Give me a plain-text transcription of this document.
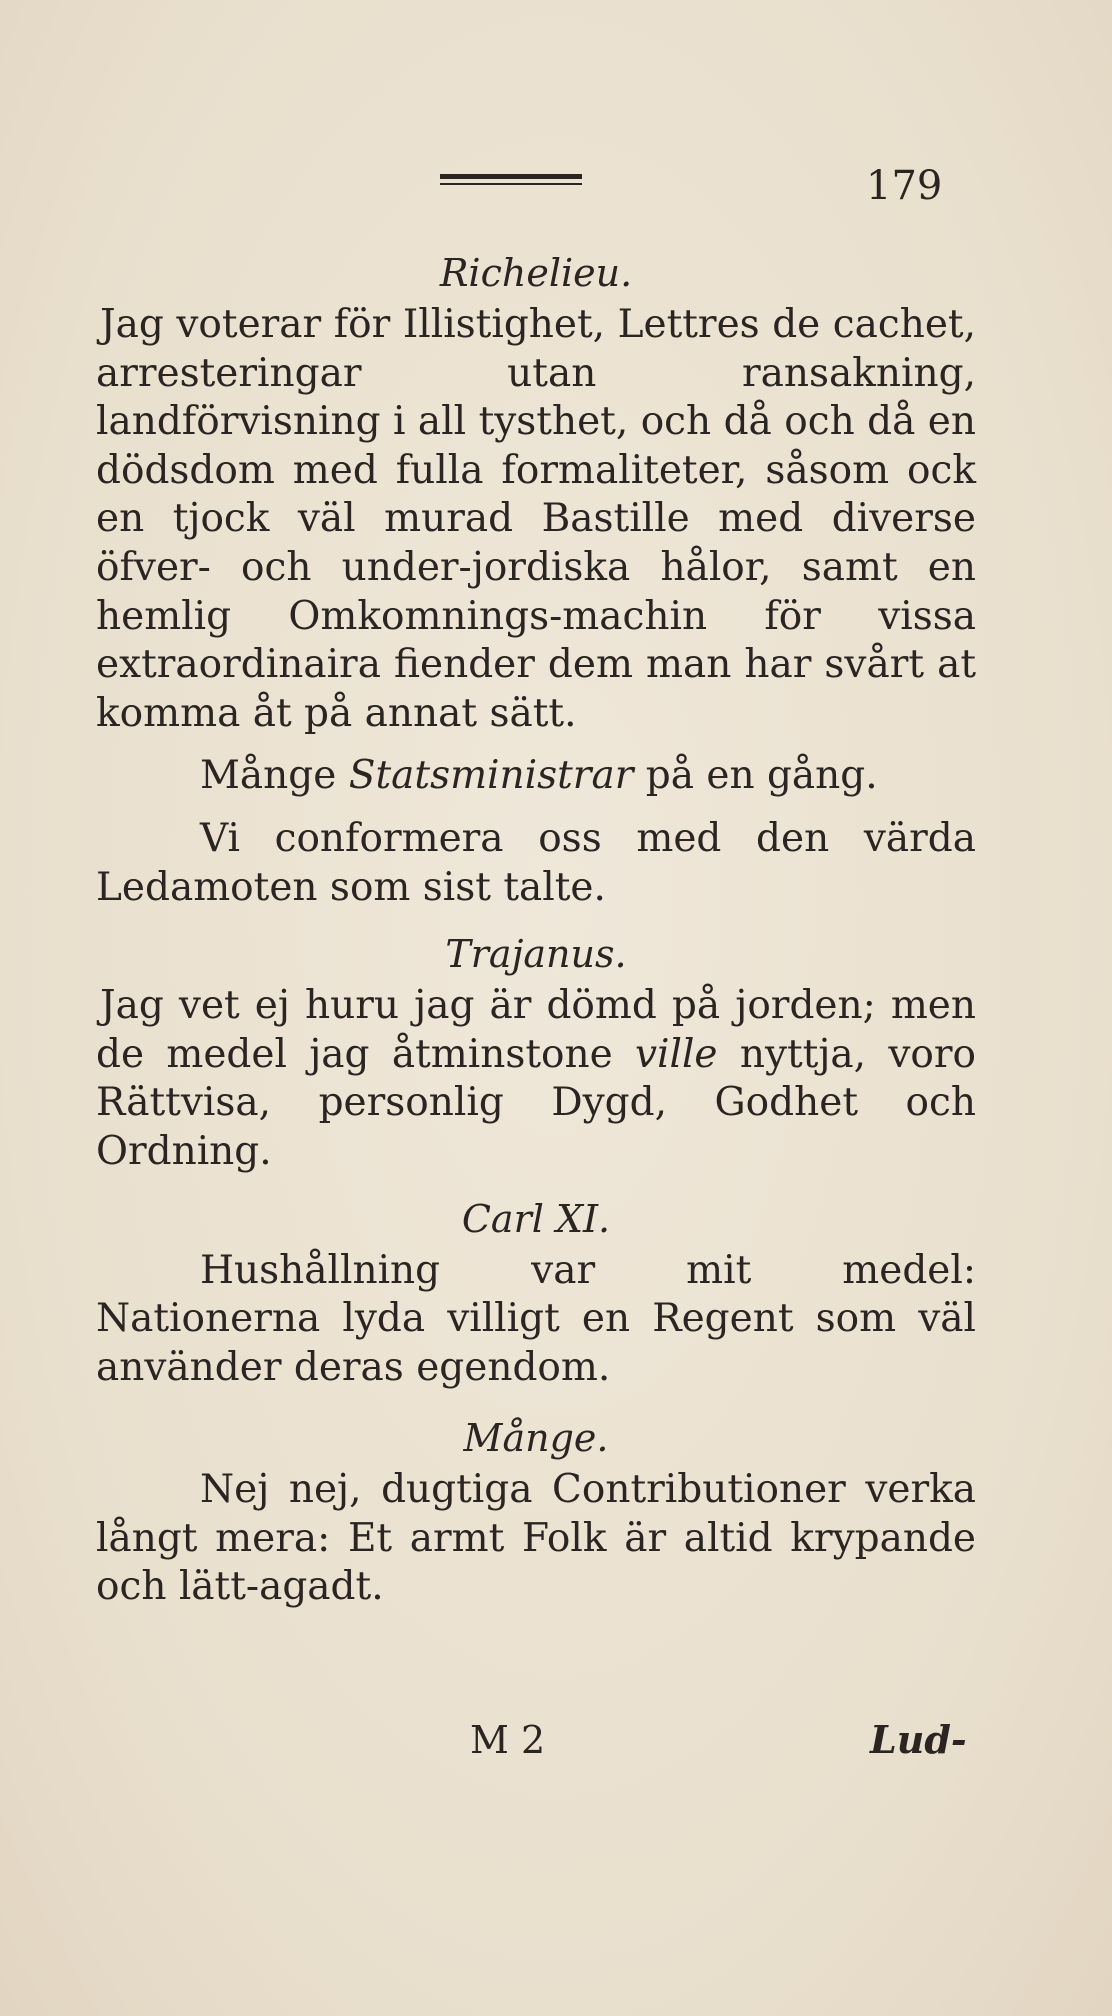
179

Richelieu.

Jag voterar för Illistighet, Lettres de cachet, arresteringar utan ransakning, landförvisning i all tysthet, och då och då en dödsdom med fulla formaliteter, såsom ock en tjock väl murad Bastille med diverse öfver- och under-jordiska hålor, samt en hemlig Omkomnings-machin för vissa extraordinaira fiender dem man har svårt at komma åt på annat sätt.

Månge Statsministrar på en gång.

Vi conformera oss med den värda Ledamoten som sist talte.

Trajanus.

Jag vet ej huru jag är dömd på jorden; men de medel jag åtminstone ville nyttja, voro Rättvisa, personlig Dygd, Godhet och Ordning.

Carl XI.

Hushållning var mit medel: Nationerna lyda villigt en Regent som väl använder deras egendom.

Månge.

Nej nej, dugtiga Contributioner verka långt mera: Et armt Folk är altid krypande och lätt-agadt.

M 2	Lud-
